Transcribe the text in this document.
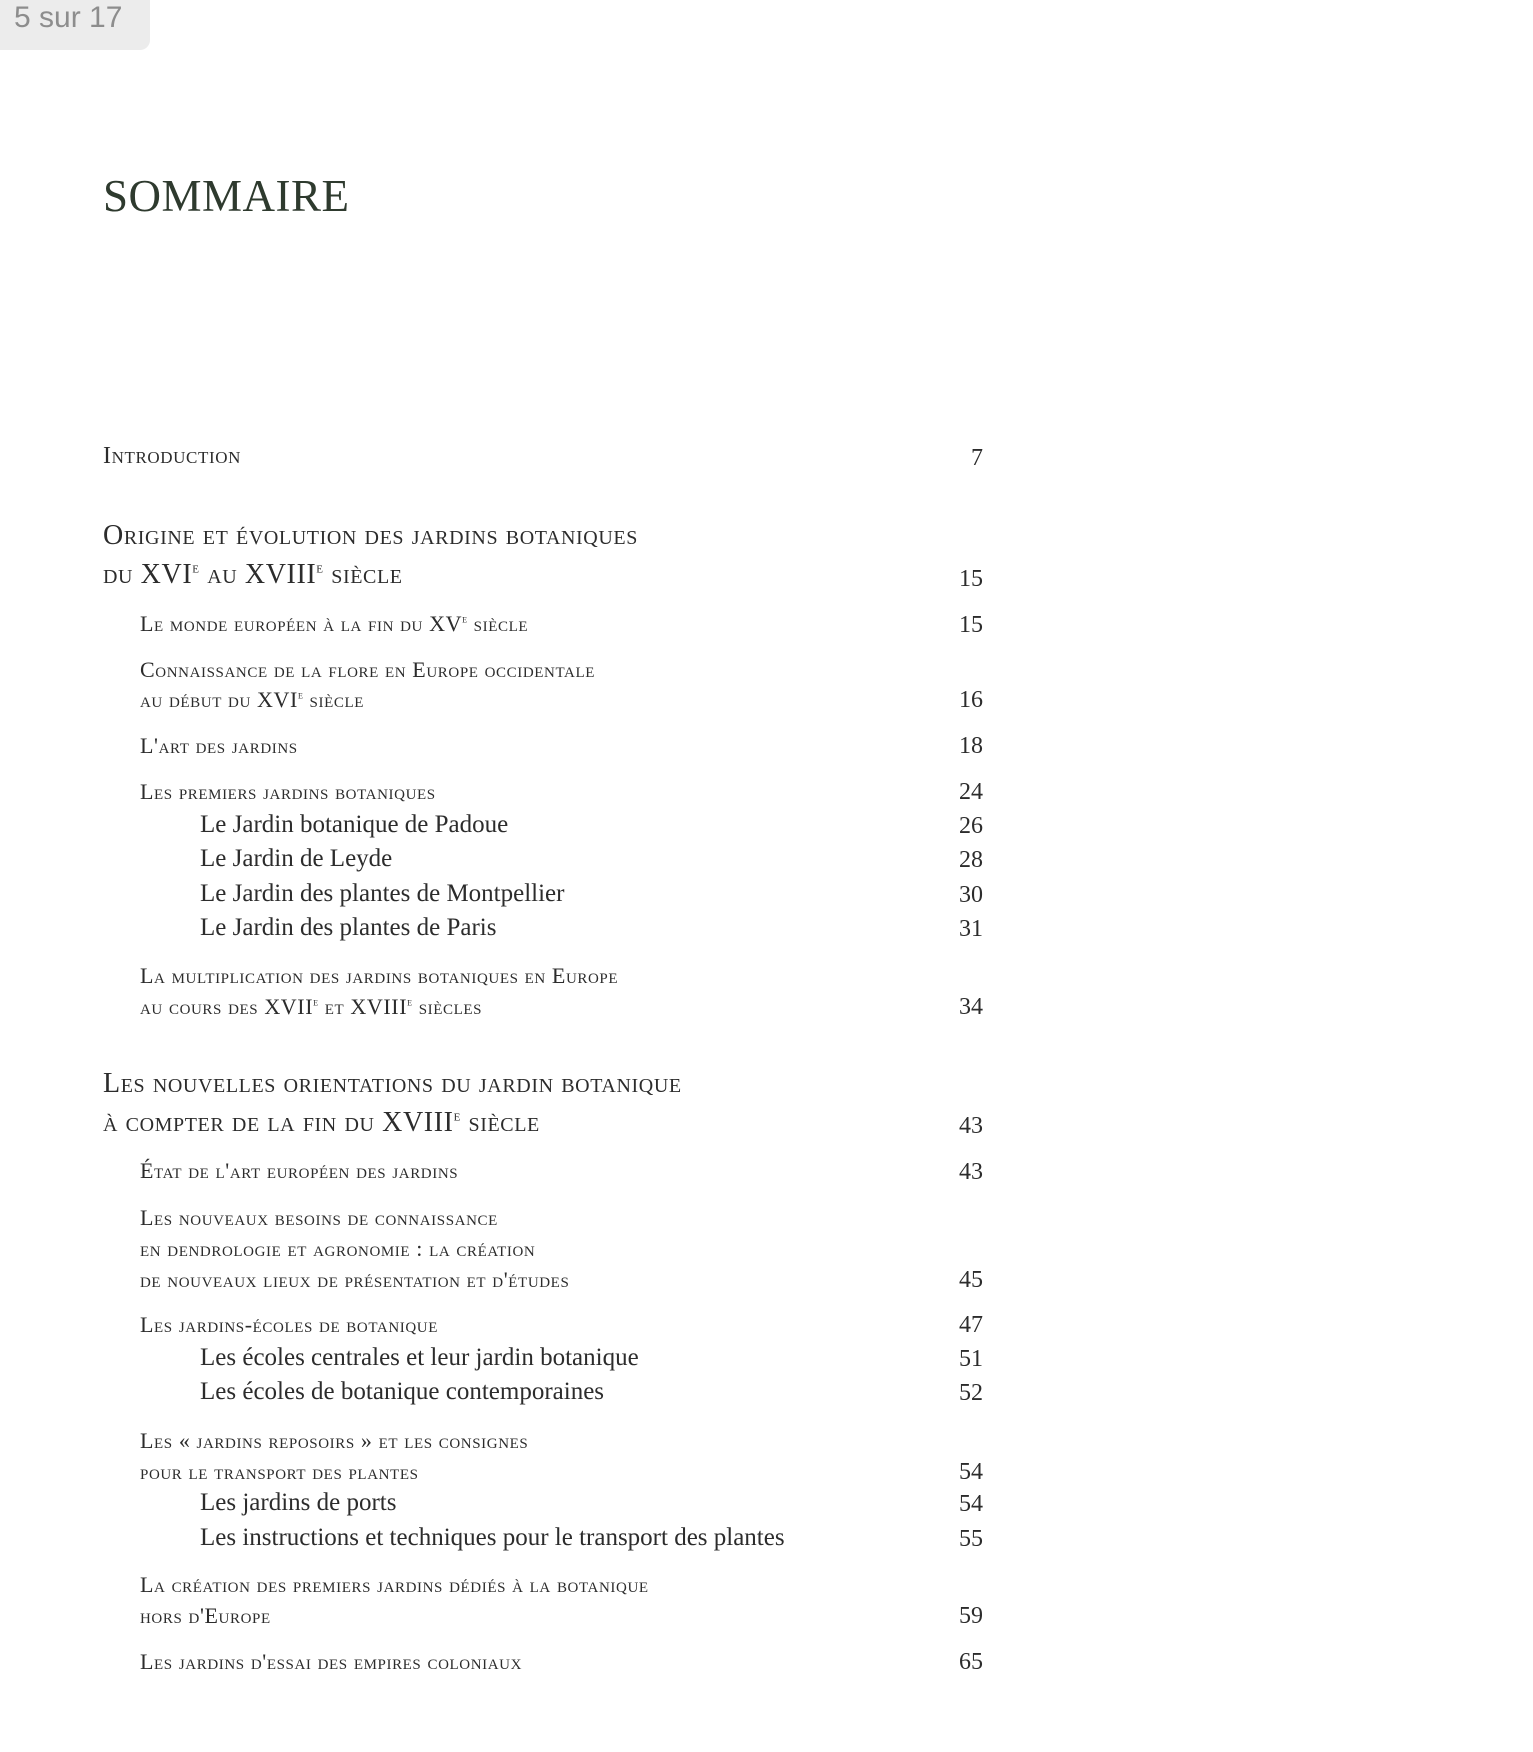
5 sur 17
SOMMAIRE
Introduction	7
Origine et évolution des jardins botaniques
du XVIe au XVIIIe siècle	15
Le monde européen à la fin du XVe siècle	15
Connaissance de la flore en Europe occidentale
au début du XVIe siècle	16
L'art des jardins	18
Les premiers jardins botaniques	24
Le Jardin botanique de Padoue	26
Le Jardin de Leyde	28
Le Jardin des plantes de Montpellier	30
Le Jardin des plantes de Paris	31
La multiplication des jardins botaniques en Europe
au cours des XVIIe et XVIIIe siècles	34
Les nouvelles orientations du jardin botanique
à compter de la fin du XVIIIe siècle	43
État de l'art européen des jardins	43
Les nouveaux besoins de connaissance
en dendrologie et agronomie : la création
de nouveaux lieux de présentation et d'études	45
Les jardins-écoles de botanique	47
Les écoles centrales et leur jardin botanique	51
Les écoles de botanique contemporaines	52
Les « jardins reposoirs » et les consignes
pour le transport des plantes	54
Les jardins de ports	54
Les instructions et techniques pour le transport des plantes	55
La création des premiers jardins dédiés à la botanique
hors d'Europe	59
Les jardins d'essai des empires coloniaux	65
